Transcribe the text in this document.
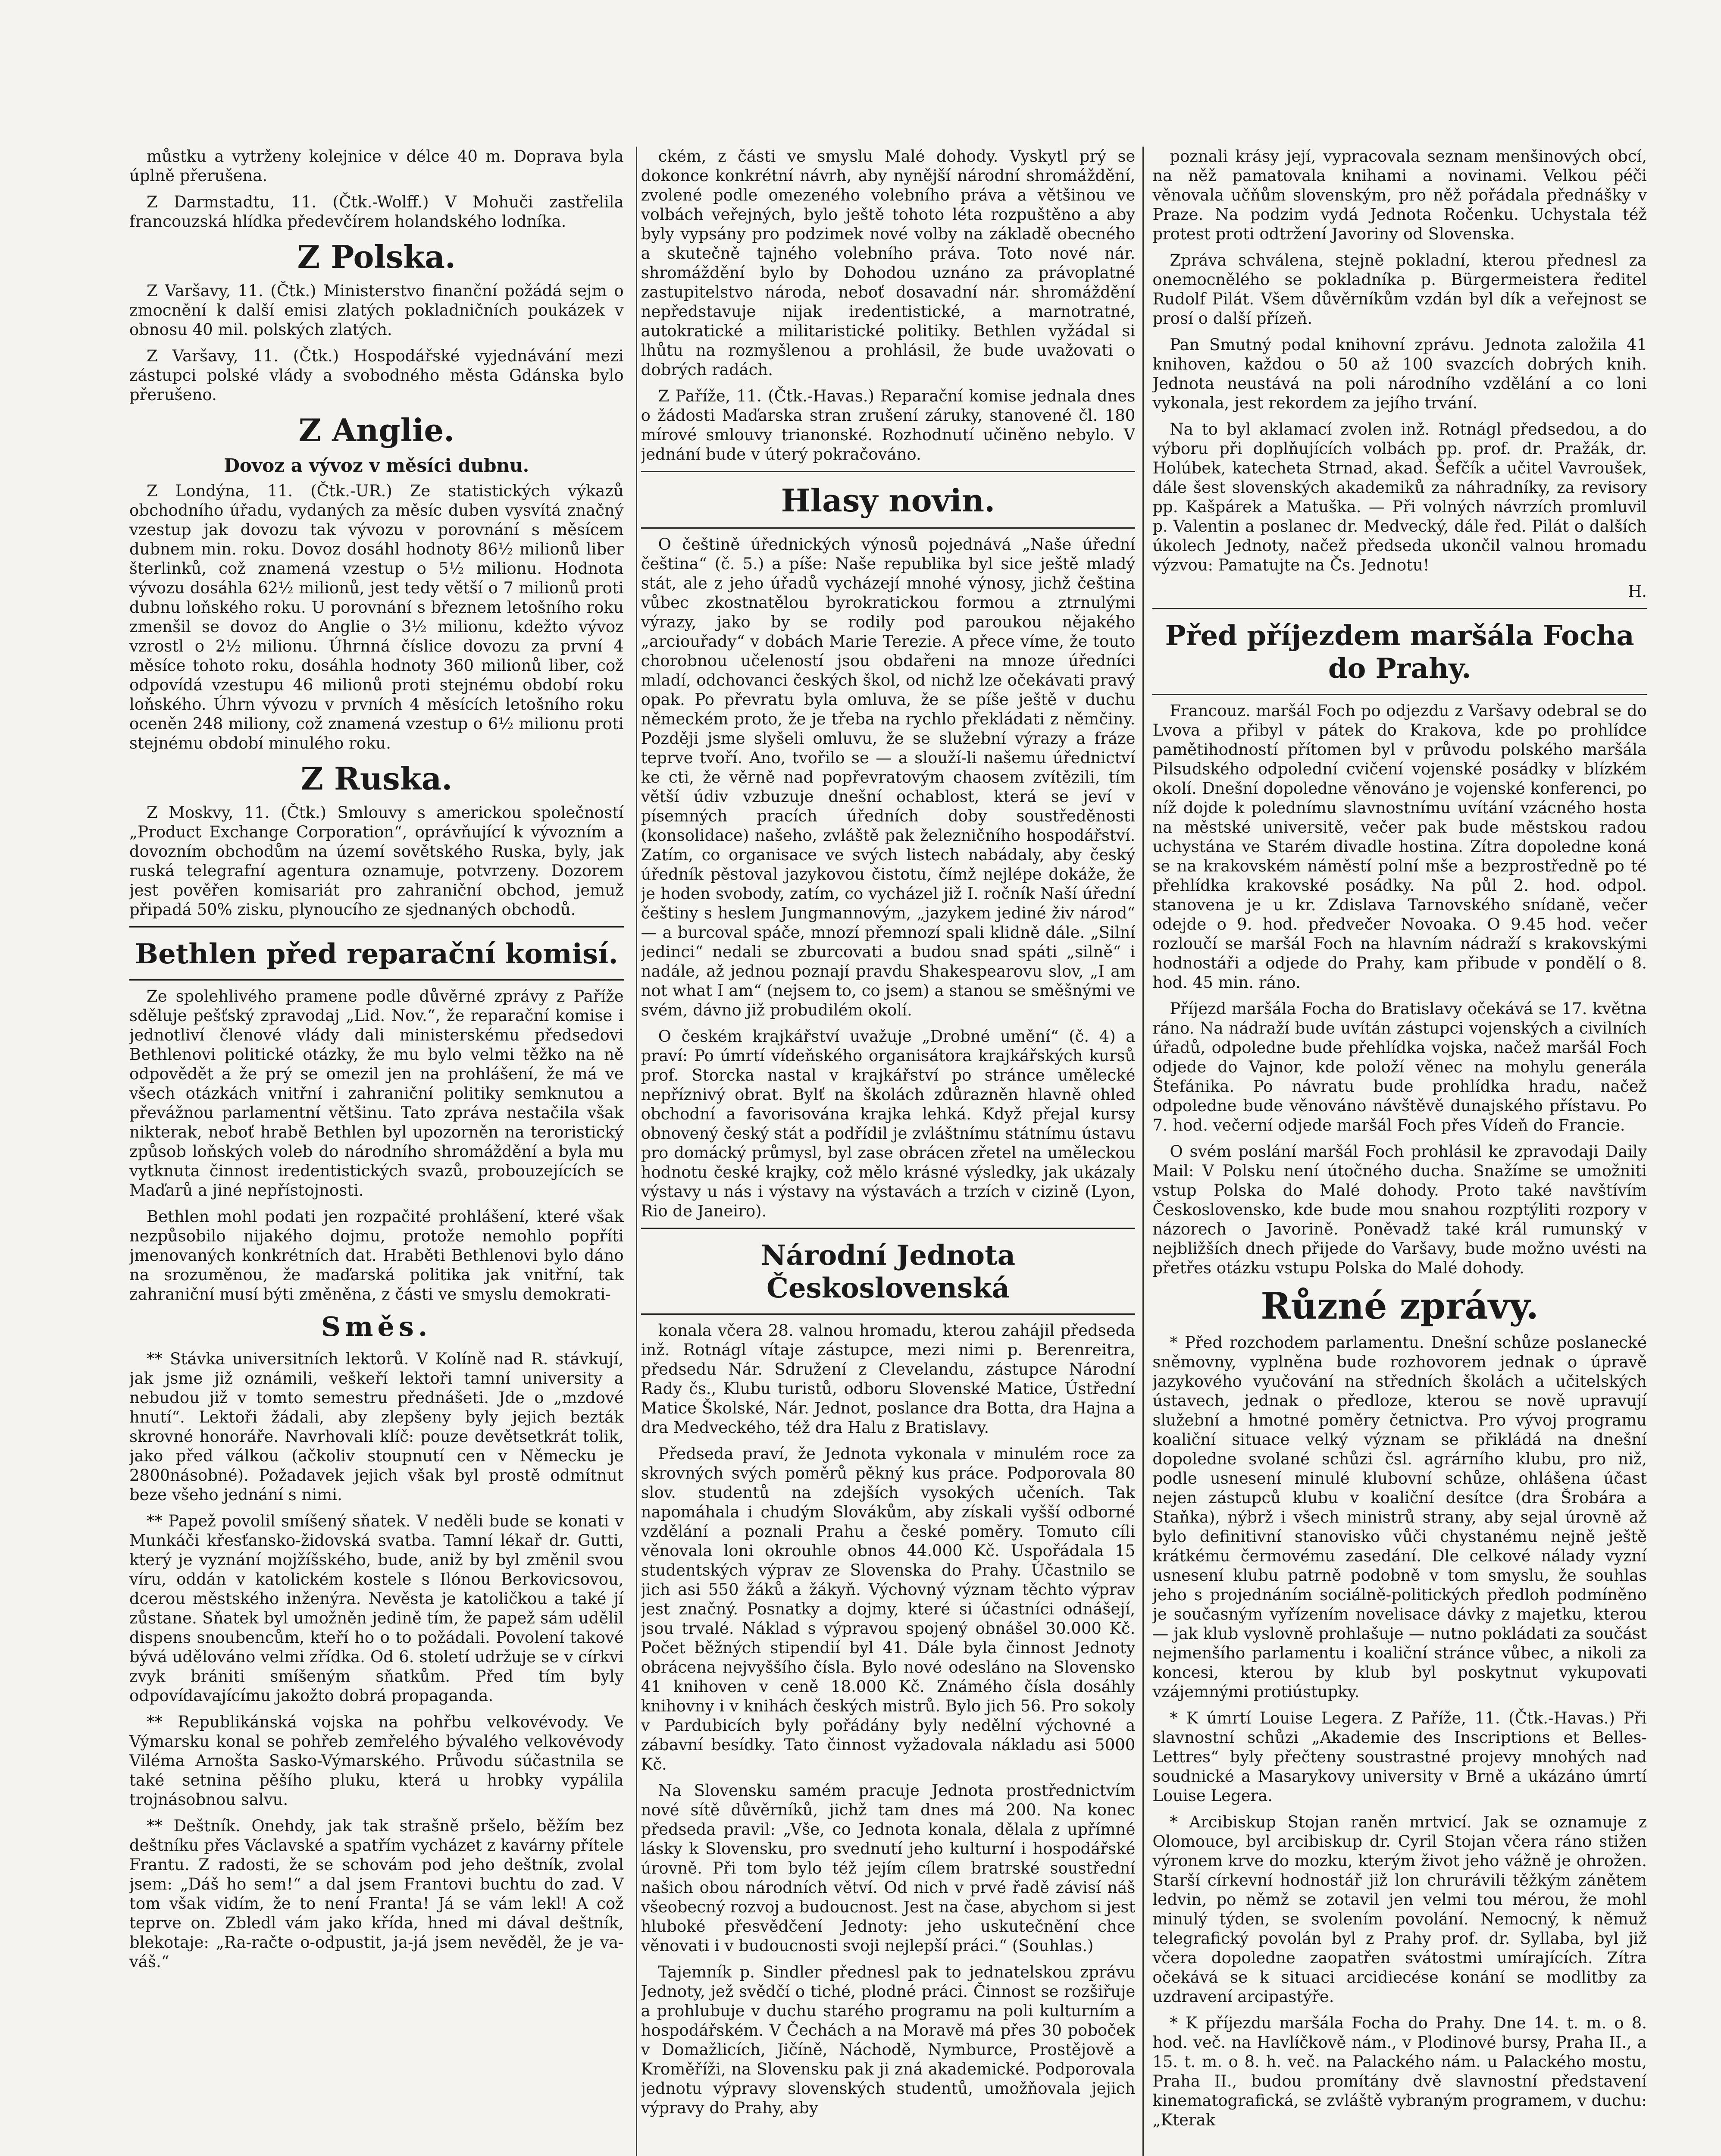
můstku a vytrženy kolejnice v délce 40 m. Doprava byla úplně přerušena.

Z Darmstadtu, 11. (Čtk.-Wolff.) V Mohuči zastřelila francouzská hlídka předevčírem holandského lodníka.

Z Polska.

Z Varšavy, 11. (Čtk.) Ministerstvo finanční požádá sejm o zmocnění k další emisi zlatých pokladničních poukázek v obnosu 40 mil. polských zlatých.

Z Varšavy, 11. (Čtk.) Hospodářské vyjednávání mezi zástupci polské vlády a svobodného města Gdánska bylo přerušeno.

Z Anglie.
Dovoz a vývoz v měsíci dubnu.

Z Londýna, 11. (Čtk.-UR.) Ze statistických výkazů obchodního úřadu, vydaných za měsíc duben vysvítá značný vzestup jak dovozu tak vývozu v porovnání s měsícem dubnem min. roku. Dovoz dosáhl hodnoty 86½ milionů liber šterlinků, což znamená vzestup o 5½ milionu. Hodnota vývozu dosáhla 62½ milionů, jest tedy větší o 7 milionů proti dubnu loňského roku. U porovnání s březnem letošního roku zmenšil se dovoz do Anglie o 3½ milionu, kdežto vývoz vzrostl o 2½ milionu. Úhrnná číslice dovozu za první 4 měsíce tohoto roku, dosáhla hodnoty 360 milionů liber, což odpovídá vzestupu 46 milionů proti stejnému období roku loňského. Úhrn vývozu v prvních 4 měsících letošního roku oceněn 248 miliony, což znamená vzestup o 6½ milionu proti stejnému období minulého roku.

Z Ruska.

Z Moskvy, 11. (Čtk.) Smlouvy s americkou společností „Product Exchange Corporation“, oprávňující k vývozním a dovozním obchodům na území sovětského Ruska, byly, jak ruská telegrafní agentura oznamuje, potvrzeny. Dozorem jest pověřen komisariát pro zahraniční obchod, jemuž připadá 50% zisku, plynoucího ze sjednaných obchodů.

Bethlen před reparační komisí.

Ze spolehlivého pramene podle důvěrné zprávy z Paříže sděluje pešťský zpravodaj „Lid. Nov.“, že reparační komise i jednotliví členové vlády dali ministerskému předsedovi Bethlenovi politické otázky, že mu bylo velmi těžko na ně odpovědět a že prý se omezil jen na prohlášení, že má ve všech otázkách vnitřní i zahraniční politiky semknutou a převážnou parlamentní většinu. Tato zpráva nestačila však nikterak, neboť hrabě Bethlen byl upozorněn na teroristický způsob loňských voleb do národního shromáždění a byla mu vytknuta činnost iredentistických svazů, probouzejících se Maďarů a jiné nepřístojnosti.

Bethlen mohl podati jen rozpačité prohlášení, které však nezpůsobilo nijakého dojmu, protože nemohlo popříti jmenovaných konkrétních dat. Hraběti Bethlenovi bylo dáno na srozuměnou, že maďarská politika jak vnitřní, tak zahraniční musí býti změněna, z části ve smyslu demokrati-

Směs.

** Stávka universitních lektorů. V Kolíně nad R. stávkují, jak jsme již oznámili, veškeří lektoři tamní university a nebudou již v tomto semestru přednášeti. Jde o „mzdové hnutí“. Lektoři žádali, aby zlepšeny byly jejich bezták skrovné honoráře. Navrhovali klíč: pouze devětsetkrát tolik, jako před válkou (ačkoliv stoupnutí cen v Německu je 2800násobné). Požadavek jejich však byl prostě odmítnut beze všeho jednání s nimi.

** Papež povolil smíšený sňatek. V neděli bude se konati v Munkáči křesťansko-židovská svatba. Tamní lékař dr. Gutti, který je vyznání mojžíšského, bude, aniž by byl změnil svou víru, oddán v katolickém kostele s Ilónou Berkovicsovou, dcerou městského inženýra. Nevěsta je katoličkou a také jí zůstane. Sňatek byl umožněn jedině tím, že papež sám udělil dispens snoubencům, kteří ho o to požádali. Povolení takové bývá udělováno velmi zřídka. Od 6. století udržuje se v církvi zvyk brániti smíšeným sňatkům. Před tím byly odpovídavajícímu jakožto dobrá propaganda.

** Republikánská vojska na pohřbu velkovévody. Ve Výmarsku konal se pohřeb zemřelého bývalého velkovévody Viléma Arnošta Sasko-Výmarského. Průvodu súčastnila se také setnina pěšího pluku, která u hrobky vypálila trojnásobnou salvu.

** Deštník. Onehdy, jak tak strašně pršelo, běžím bez deštníku přes Václavské a spatřím vycházet z kavárny přítele Frantu. Z radosti, že se schovám pod jeho deštník, zvolal jsem: „Dáš ho sem!“ a dal jsem Frantovi buchtu do zad. V tom však vidím, že to není Franta! Já se vám lekl! A což teprve on. Zbledl vám jako křída, hned mi dával deštník, blekotaje: „Ra-račte o-odpustit, ja-já jsem nevěděl, že je va-váš.“

ckém, z části ve smyslu Malé dohody. Vyskytl prý se dokonce konkrétní návrh, aby nynější národní shromáždění, zvolené podle omezeného volebního práva a většinou ve volbách veřejných, bylo ještě tohoto léta rozpuštěno a aby byly vypsány pro podzimek nové volby na základě obecného a skutečně tajného volebního práva. Toto nové nár. shromáždění bylo by Dohodou uznáno za právoplatné zastupitelstvo národa, neboť dosavadní nár. shromáždění nepředstavuje nijak iredentistické, a marnotratné, autokratické a militaristické politiky. Bethlen vyžádal si lhůtu na rozmyšlenou a prohlásil, že bude uvažovati o dobrých radách.

Z Paříže, 11. (Čtk.-Havas.) Reparační komise jednala dnes o žádosti Maďarska stran zrušení záruky, stanovené čl. 180 mírové smlouvy trianonské. Rozhodnutí učiněno nebylo. V jednání bude v úterý pokračováno.

Hlasy novin.

O češtině úřednických výnosů pojednává „Naše úřední čeština“ (č. 5.) a píše: Naše republika byl sice ještě mladý stát, ale z jeho úřadů vycházejí mnohé výnosy, jichž čeština vůbec zkostnatělou byrokratickou formou a ztrnulými výrazy, jako by se rodily pod paroukou nějakého „arciouřady“ v dobách Marie Terezie. A přece víme, že touto chorobnou učeleností jsou obdařeni na mnoze úředníci mladí, odchovanci českých škol, od nichž lze očekávati pravý opak. Po převratu byla omluva, že se píše ještě v duchu německém proto, že je třeba na rychlo překládati z němčiny. Později jsme slyšeli omluvu, že se služební výrazy a fráze teprve tvoří. Ano, tvořilo se — a slouží-li našemu úřednictví ke cti, že věrně nad popřevratovým chaosem zvítězili, tím větší údiv vzbuzuje dnešní ochablost, která se jeví v písemných pracích úředních doby soustředěnosti (konsolidace) našeho, zvláště pak železničního hospodářství. Zatím, co organisace ve svých listech nabádaly, aby český úředník pěstoval jazykovou čistotu, čímž nejlépe dokáže, že je hoden svobody, zatím, co vycházel již I. ročník Naší úřední češtiny s heslem Jungmannovým, „jazykem jediné živ národ“ — a burcoval spáče, mnozí přemnozí spali klidně dále. „Silní jedinci“ nedali se zburcovati a budou snad spáti „silně“ i nadále, až jednou poznají pravdu Shakespearovu slov, „I am not what I am“ (nejsem to, co jsem) a stanou se směšnými ve svém, dávno již probudilém okolí.

O českém krajkářství uvažuje „Drobné umění“ (č. 4) a praví: Po úmrtí vídeňského organisátora krajkářských kursů prof. Storcka nastal v krajkářství po stránce umělecké nepříznivý obrat. Bylť na školách zdůrazněn hlavně ohled obchodní a favorisována krajka lehká. Když přejal kursy obnovený český stát a podřídil je zvláštnímu státnímu ústavu pro domácký průmysl, byl zase obrácen zřetel na uměleckou hodnotu české krajky, což mělo krásné výsledky, jak ukázaly výstavy u nás i výstavy na výstavách a trzích v cizině (Lyon, Rio de Janeiro).

Národní Jednota Československá

konala včera 28. valnou hromadu, kterou zahájil předseda inž. Rotnágl vítaje zástupce, mezi nimi p. Berenreitra, předsedu Nár. Sdružení z Clevelandu, zástupce Národní Rady čs., Klubu turistů, odboru Slovenské Matice, Ústřední Matice Školské, Nár. Jednot, poslance dra Botta, dra Hajna a dra Medveckého, též dra Halu z Bratislavy.

Předseda praví, že Jednota vykonala v minulém roce za skrovných svých poměrů pěkný kus práce. Podporovala 80 slov. studentů na zdejších vysokých učeních. Tak napomáhala i chudým Slovákům, aby získali vyšší odborné vzdělání a poznali Prahu a české poměry. Tomuto cíli věnovala loni okrouhle obnos 44.000 Kč. Uspořádala 15 studentských výprav ze Slovenska do Prahy. Účastnilo se jich asi 550 žáků a žákyň. Výchovný význam těchto výprav jest značný. Posnatky a dojmy, které si účastníci odnášejí, jsou trvalé. Náklad s výpravou spojený obnášel 30.000 Kč. Počet běžných stipendií byl 41. Dále byla činnost Jednoty obrácena nejvyššího čísla. Bylo nové odesláno na Slovensko 41 knihoven v ceně 18.000 Kč. Známého čísla dosáhly knihovny i v knihách českých mistrů. Bylo jich 56. Pro sokoly v Pardubicích byly pořádány byly nedělní výchovné a zábavní besídky. Tato činnost vyžadovala nákladu asi 5000 Kč.

Na Slovensku samém pracuje Jednota prostřednictvím nové sítě důvěrníků, jichž tam dnes má 200. Na konec předseda pravil: „Vše, co Jednota konala, dělala z upřímné lásky k Slovensku, pro svednutí jeho kulturní i hospodářské úrovně. Při tom bylo též jejím cílem bratrské soustřední našich obou národních větví. Od nich v prvé řadě závisí náš všeobecný rozvoj a budoucnost. Jest na čase, abychom si jest hluboké přesvědčení Jednoty: jeho uskutečnění chce věnovati i v budoucnosti svoji nejlepší práci.“ (Souhlas.)

Tajemník p. Sindler přednesl pak to jednatelskou zprávu Jednoty, jež svědčí o tiché, plodné práci. Činnost se rozšiřuje a prohlubuje v duchu starého programu na poli kulturním a hospodářském. V Čechách a na Moravě má přes 30 poboček v Domažlicích, Jičíně, Náchodě, Nymburce, Prostějově a Kroměříži, na Slovensku pak ji zná akademické. Podporovala jednotu výpravy slovenských studentů, umožňovala jejich výpravy do Prahy, aby

poznali krásy její, vypracovala seznam menšinových obcí, na něž pamatovala knihami a novinami. Velkou péči věnovala učňům slovenským, pro něž pořádala přednášky v Praze. Na podzim vydá Jednota Ročenku. Uchystala též protest proti odtržení Javoriny od Slovenska.

Zpráva schválena, stejně pokladní, kterou přednesl za onemocnělého se pokladníka p. Bürgermeistera ředitel Rudolf Pilát. Všem důvěrníkům vzdán byl dík a veřejnost se prosí o další přízeň.

Pan Smutný podal knihovní zprávu. Jednota založila 41 knihoven, každou o 50 až 100 svazcích dobrých knih. Jednota neustává na poli národního vzdělání a co loni vykonala, jest rekordem za jejího trvání.

Na to byl aklamací zvolen inž. Rotnágl předsedou, a do výboru při doplňujících volbách pp. prof. dr. Pražák, dr. Holúbek, katecheta Strnad, akad. Šefčík a učitel Vavroušek, dále šest slovenských akademiků za náhradníky, za revisory pp. Kašpárek a Matuška. — Při volných návrzích promluvil p. Valentin a poslanec dr. Medvecký, dále řed. Pilát o dalších úkolech Jednoty, načež předseda ukončil valnou hromadu výzvou: Pamatujte na Čs. Jednotu!

H.

Před příjezdem maršála Focha do Prahy.

Francouz. maršál Foch po odjezdu z Varšavy odebral se do Lvova a přibyl v pátek do Krakova, kde po prohlídce pamětihodností přítomen byl v průvodu polského maršála Pilsudského odpolední cvičení vojenské posádky v blízkém okolí. Dnešní dopoledne věnováno je vojenské konferenci, po níž dojde k polednímu slavnostnímu uvítání vzácného hosta na městské universitě, večer pak bude městskou radou uchystána ve Starém divadle hostina. Zítra dopoledne koná se na krakovském náměstí polní mše a bezprostředně po té přehlídka krakovské posádky. Na půl 2. hod. odpol. stanovena je u kr. Zdislava Tarnovského snídaně, večer odejde o 9. hod. předvečer Novoaka. O 9.45 hod. večer rozloučí se maršál Foch na hlavním nádraží s krakovskými hodnostáři a odjede do Prahy, kam přibude v pondělí o 8. hod. 45 min. ráno.

Příjezd maršála Focha do Bratislavy očekává se 17. května ráno. Na nádraží bude uvítán zástupci vojenských a civilních úřadů, odpoledne bude přehlídka vojska, načež maršál Foch odjede do Vajnor, kde položí věnec na mohylu generála Štefánika. Po návratu bude prohlídka hradu, načež odpoledne bude věnováno návštěvě dunajského přístavu. Po 7. hod. večerní odjede maršál Foch přes Vídeň do Francie.

O svém poslání maršál Foch prohlásil ke zpravodaji Daily Mail: V Polsku není útočného ducha. Snažíme se umožniti vstup Polska do Malé dohody. Proto také navštívím Československo, kde bude mou snahou rozptýliti rozpory v názorech o Javorině. Poněvadž také král rumunský v nejbližších dnech přijede do Varšavy, bude možno uvésti na přetřes otázku vstupu Polska do Malé dohody.

Různé zprávy.

* Před rozchodem parlamentu. Dnešní schůze poslanecké sněmovny, vyplněna bude rozhovorem jednak o úpravě jazykového vyučování na středních školách a učitelských ústavech, jednak o předloze, kterou se nově upravují služební a hmotné poměry četnictva. Pro vývoj programu koaliční situace velký význam se přikládá na dnešní dopoledne svolané schůzi čsl. agrárního klubu, pro niž, podle usnesení minulé klubovní schůze, ohlášena účast nejen zástupců klubu v koaliční desítce (dra Šrobára a Staňka), nýbrž i všech ministrů strany, aby sejal úrovně až bylo definitivní stanovisko vůči chystanému nejně ještě krátkému čermovému zasedání. Dle celkové nálady vyzní usnesení klubu patrně podobně v tom smyslu, že souhlas jeho s projednáním sociálně-politických předloh podmíněno je současným vyřízením novelisace dávky z majetku, kterou — jak klub vyslovně prohlašuje — nutno pokládati za součást nejmenšího parlamentu i koaliční stránce vůbec, a nikoli za koncesi, kterou by klub byl poskytnut vykupovati vzájemnými protiústupky.

* K úmrtí Louise Legera. Z Paříže, 11. (Čtk.-Havas.) Při slavnostní schůzi „Akademie des Inscriptions et Belles-Lettres“ byly přečteny soustrastné projevy mnohých nad soudnické a Masarykovy university v Brně a ukázáno úmrtí Louise Legera.

* Arcibiskup Stojan raněn mrtvicí. Jak se oznamuje z Olomouce, byl arcibiskup dr. Cyril Stojan včera ráno stižen výronem krve do mozku, kterým život jeho vážně je ohrožen. Starší církevní hodnostář již lon chrurávili těžkým zánětem ledvin, po němž se zotavil jen velmi tou mérou, že mohl minulý týden, se svolením povolání. Nemocný, k němuž telegrafický povolán byl z Prahy prof. dr. Syllaba, byl již včera dopoledne zaopatřen svátostmi umírajících. Zítra očekává se k situaci arcidiecése konání se modlitby za uzdravení arcipastýře.

* K příjezdu maršála Focha do Prahy. Dne 14. t. m. o 8. hod. več. na Havlíčkově nám., v Plodinové bursy, Praha II., a 15. t. m. o 8. h. več. na Palackého nám. u Palackého mostu, Praha II., budou promítány dvě slavnostní představení kinematografická, se zvláště vybraným programem, v duchu: „Kterak
